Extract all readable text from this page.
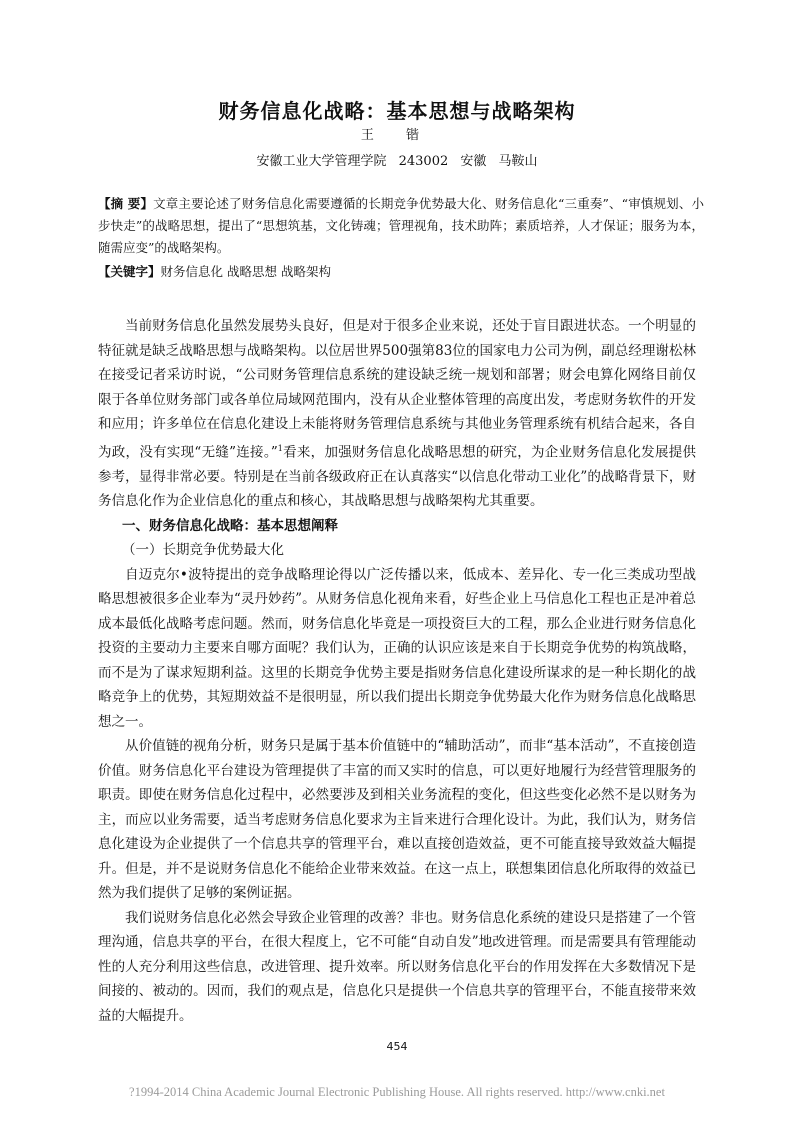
财务信息化战略：基本思想与战略架构
王 锴
安徽工业大学管理学院 243002 安徽 马鞍山
【摘 要】文章主要论述了财务信息化需要遵循的长期竞争优势最大化、财务信息化“三重奏”、“审慎规划、小步快走”的战略思想，提出了“思想筑基，文化铸魂；管理视角，技术助阵；素质培养，人才保证；服务为本，随需应变”的战略架构。
【关键字】财务信息化 战略思想 战略架构

当前财务信息化虽然发展势头良好，但是对于很多企业来说，还处于盲目跟进状态。一个明显的特征就是缺乏战略思想与战略架构。以位居世界500强第83位的国家电力公司为例，副总经理谢松林在接受记者采访时说，“公司财务管理信息系统的建设缺乏统一规划和部署；财会电算化网络目前仅限于各单位财务部门或各单位局域网范围内，没有从企业整体管理的高度出发，考虑财务软件的开发和应用；许多单位在信息化建设上未能将财务管理信息系统与其他业务管理系统有机结合起来，各自为政，没有实现“无缝”连接。”$^1$看来，加强财务信息化战略思想的研究，为企业财务信息化发展提供参考，显得非常必要。特别是在当前各级政府正在认真落实“以信息化带动工业化”的战略背景下，财务信息化作为企业信息化的重点和核心，其战略思想与战略架构尤其重要。

一、财务信息化战略：基本思想阐释

（一）长期竞争优势最大化

自迈克尔•波特提出的竞争战略理论得以广泛传播以来，低成本、差异化、专一化三类成功型战略思想被很多企业奉为“灵丹妙药”。从财务信息化视角来看，好些企业上马信息化工程也正是冲着总成本最低化战略考虑问题。然而，财务信息化毕竟是一项投资巨大的工程，那么企业进行财务信息化投资的主要动力主要来自哪方面呢？我们认为，正确的认识应该是来自于长期竞争优势的构筑战略，而不是为了谋求短期利益。这里的长期竞争优势主要是指财务信息化建设所谋求的是一种长期化的战略竞争上的优势，其短期效益不是很明显，所以我们提出长期竞争优势最大化作为财务信息化战略思想之一。

从价值链的视角分析，财务只是属于基本价值链中的“辅助活动”，而非“基本活动”，不直接创造价值。财务信息化平台建设为管理提供了丰富的而又实时的信息，可以更好地履行为经营管理服务的职责。即使在财务信息化过程中，必然要涉及到相关业务流程的变化，但这些变化必然不是以财务为主，而应以业务需要，适当考虑财务信息化要求为主旨来进行合理化设计。为此，我们认为，财务信息化建设为企业提供了一个信息共享的管理平台，难以直接创造效益，更不可能直接导致效益大幅提升。但是，并不是说财务信息化不能给企业带来效益。在这一点上，联想集团信息化所取得的效益已然为我们提供了足够的案例证据。

我们说财务信息化必然会导致企业管理的改善？非也。财务信息化系统的建设只是搭建了一个管理沟通，信息共享的平台，在很大程度上，它不可能“自动自发”地改进管理。而是需要具有管理能动性的人充分利用这些信息，改进管理、提升效率。所以财务信息化平台的作用发挥在大多数情况下是间接的、被动的。因而，我们的观点是，信息化只是提供一个信息共享的管理平台，不能直接带来效益的大幅提升。

454
?1994-2014 China Academic Journal Electronic Publishing House. All rights reserved. http://www.cnki.net
